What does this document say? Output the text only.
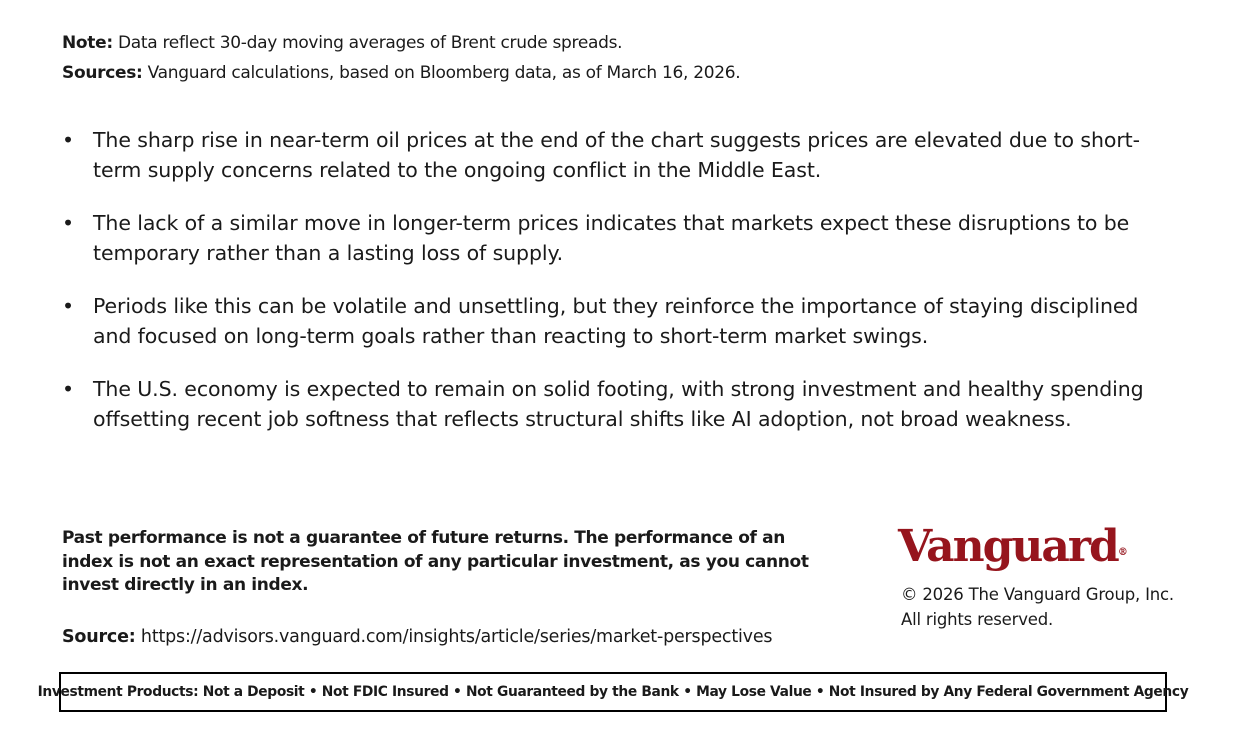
Note: Data reflect 30-day moving averages of Brent crude spreads.
Sources: Vanguard calculations, based on Bloomberg data, as of March 16, 2026.
• The sharp rise in near-term oil prices at the end of the chart suggests prices are elevated due to short-term supply concerns related to the ongoing conflict in the Middle East.
• The lack of a similar move in longer-term prices indicates that markets expect these disruptions to be temporary rather than a lasting loss of supply.
• Periods like this can be volatile and unsettling, but they reinforce the importance of staying disciplined and focused on long-term goals rather than reacting to short-term market swings.
• The U.S. economy is expected to remain on solid footing, with strong investment and healthy spending offsetting recent job softness that reflects structural shifts like AI adoption, not broad weakness.
Past performance is not a guarantee of future returns. The performance of an index is not an exact representation of any particular investment, as you cannot invest directly in an index.
Source: https://advisors.vanguard.com/insights/article/series/market-perspectives
Vanguard®
© 2026 The Vanguard Group, Inc.
All rights reserved.
Investment Products: Not a Deposit • Not FDIC Insured • Not Guaranteed by the Bank • May Lose Value • Not Insured by Any Federal Government Agency
